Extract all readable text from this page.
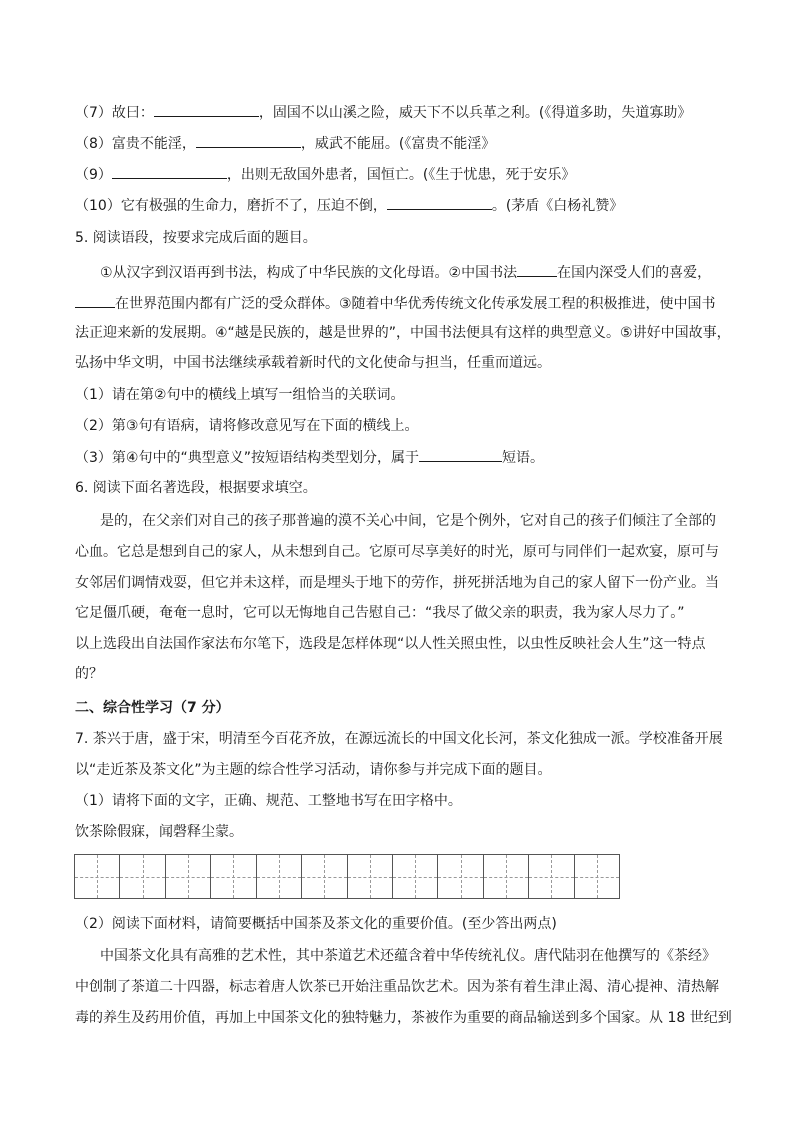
（7）故曰：	，固国不以山溪之险，威天下不以兵革之利。(《得道多助，失道寡助》
（8）富贵不能淫，	，威武不能屈。(《富贵不能淫》
（9）	，出则无敌国外患者，国恒亡。(《生于忧患，死于安乐》
（10）它有极强的生命力，磨折不了，压迫不倒，	。(茅盾《白杨礼赞》
5. 阅读语段，按要求完成后面的题目。
①从汉字到汉语再到书法，构成了中华民族的文化母语。②中国书法	在国内深受人们的喜爱，
在世界范围内都有广泛的受众群体。③随着中华优秀传统文化传承发展工程的积极推进，使中国书
法正迎来新的发展期。④“越是民族的，越是世界的”，中国书法便具有这样的典型意义。⑤讲好中国故事，
弘扬中华文明，中国书法继续承载着新时代的文化使命与担当，任重而道远。
（1）请在第②句中的横线上填写一组恰当的关联词。
（2）第③句有语病，请将修改意见写在下面的横线上。
（3）第④句中的“典型意义”按短语结构类型划分，属于	短语。
6. 阅读下面名著选段，根据要求填空。
是的，在父亲们对自己的孩子那普遍的漠不关心中间，它是个例外，它对自己的孩子们倾注了全部的
心血。它总是想到自己的家人，从未想到自己。它原可尽享美好的时光，原可与同伴们一起欢宴，原可与
女邻居们调情戏耍，但它并未这样，而是埋头于地下的劳作，拼死拼活地为自己的家人留下一份产业。当
它足僵爪硬，奄奄一息时，它可以无悔地自己告慰自己：“我尽了做父亲的职责，我为家人尽力了。”
以上选段出自法国作家法布尔笔下，选段是怎样体现“以人性关照虫性，以虫性反映社会人生”这一特点
的？
二、综合性学习（7 分）
7. 茶兴于唐，盛于宋，明清至今百花齐放，在源远流长的中国文化长河，茶文化独成一派。学校准备开展
以“走近茶及茶文化”为主题的综合性学习活动，请你参与并完成下面的题目。
（1）请将下面的文字，正确、规范、工整地书写在田字格中。
饮茶除假寐，闻磬释尘蒙。
（2）阅读下面材料，请简要概括中国茶及茶文化的重要价值。(至少答出两点)
中国茶文化具有高雅的艺术性，其中茶道艺术还蕴含着中华传统礼仪。唐代陆羽在他撰写的《茶经》
中创制了茶道二十四器，标志着唐人饮茶已开始注重品饮艺术。因为茶有着生津止渴、清心提神、清热解
毒的养生及药用价值，再加上中国茶文化的独特魅力，茶被作为重要的商品输送到多个国家。从 18 世纪到
